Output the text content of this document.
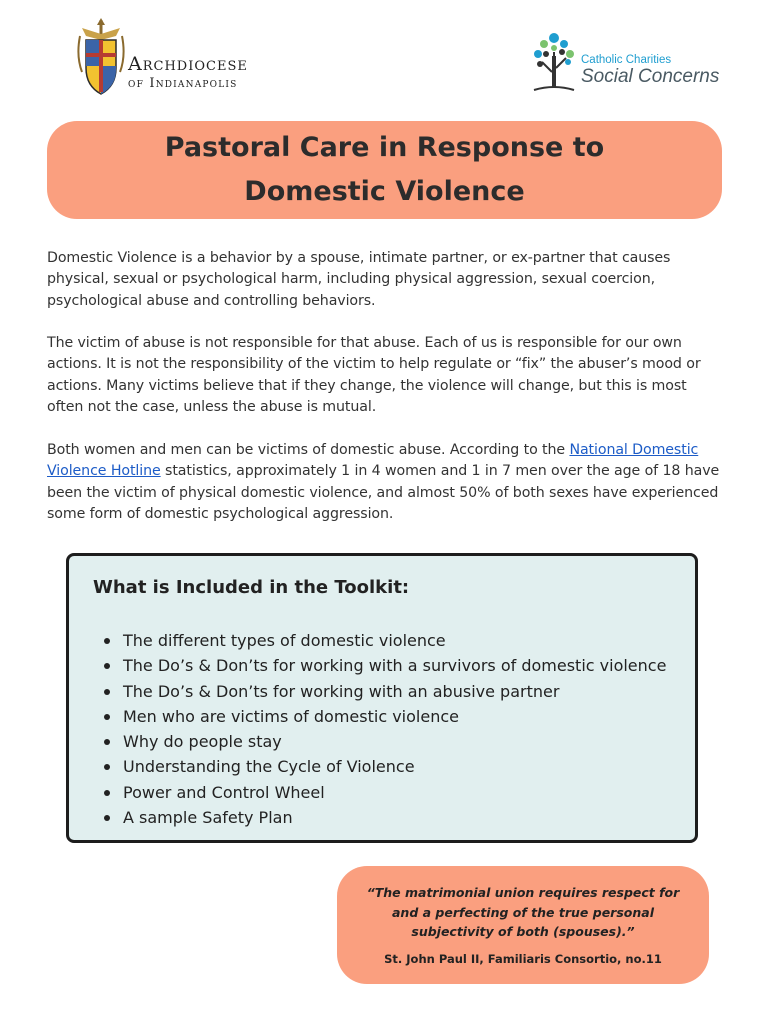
Archdiocese
of Indianapolis
Catholic Charities
Social Concerns
Pastoral Care in Response to Domestic Violence
Domestic Violence is a behavior by a spouse, intimate partner, or ex-partner that causes physical, sexual or psychological harm, including physical aggression, sexual coercion, psychological abuse and controlling behaviors.
The victim of abuse is not responsible for that abuse. Each of us is responsible for our own actions. It is not the responsibility of the victim to help regulate or “fix” the abuser’s mood or actions. Many victims believe that if they change, the violence will change, but this is most often not the case, unless the abuse is mutual.
Both women and men can be victims of domestic abuse. According to the National Domestic Violence Hotline statistics, approximately 1 in 4 women and 1 in 7 men over the age of 18 have been the victim of physical domestic violence, and almost 50% of both sexes have experienced some form of domestic psychological aggression.
What is Included in the Toolkit:
The different types of domestic violence
The Do’s & Don’ts for working with a survivors of domestic violence
The Do’s & Don’ts for working with an abusive partner
Men who are victims of domestic violence
Why do people stay
Understanding the Cycle of Violence
Power and Control Wheel
A sample Safety Plan
“The matrimonial union requires respect for and a perfecting of the true personal subjectivity of both (spouses).”
St. John Paul II, Familiaris Consortio, no.11
